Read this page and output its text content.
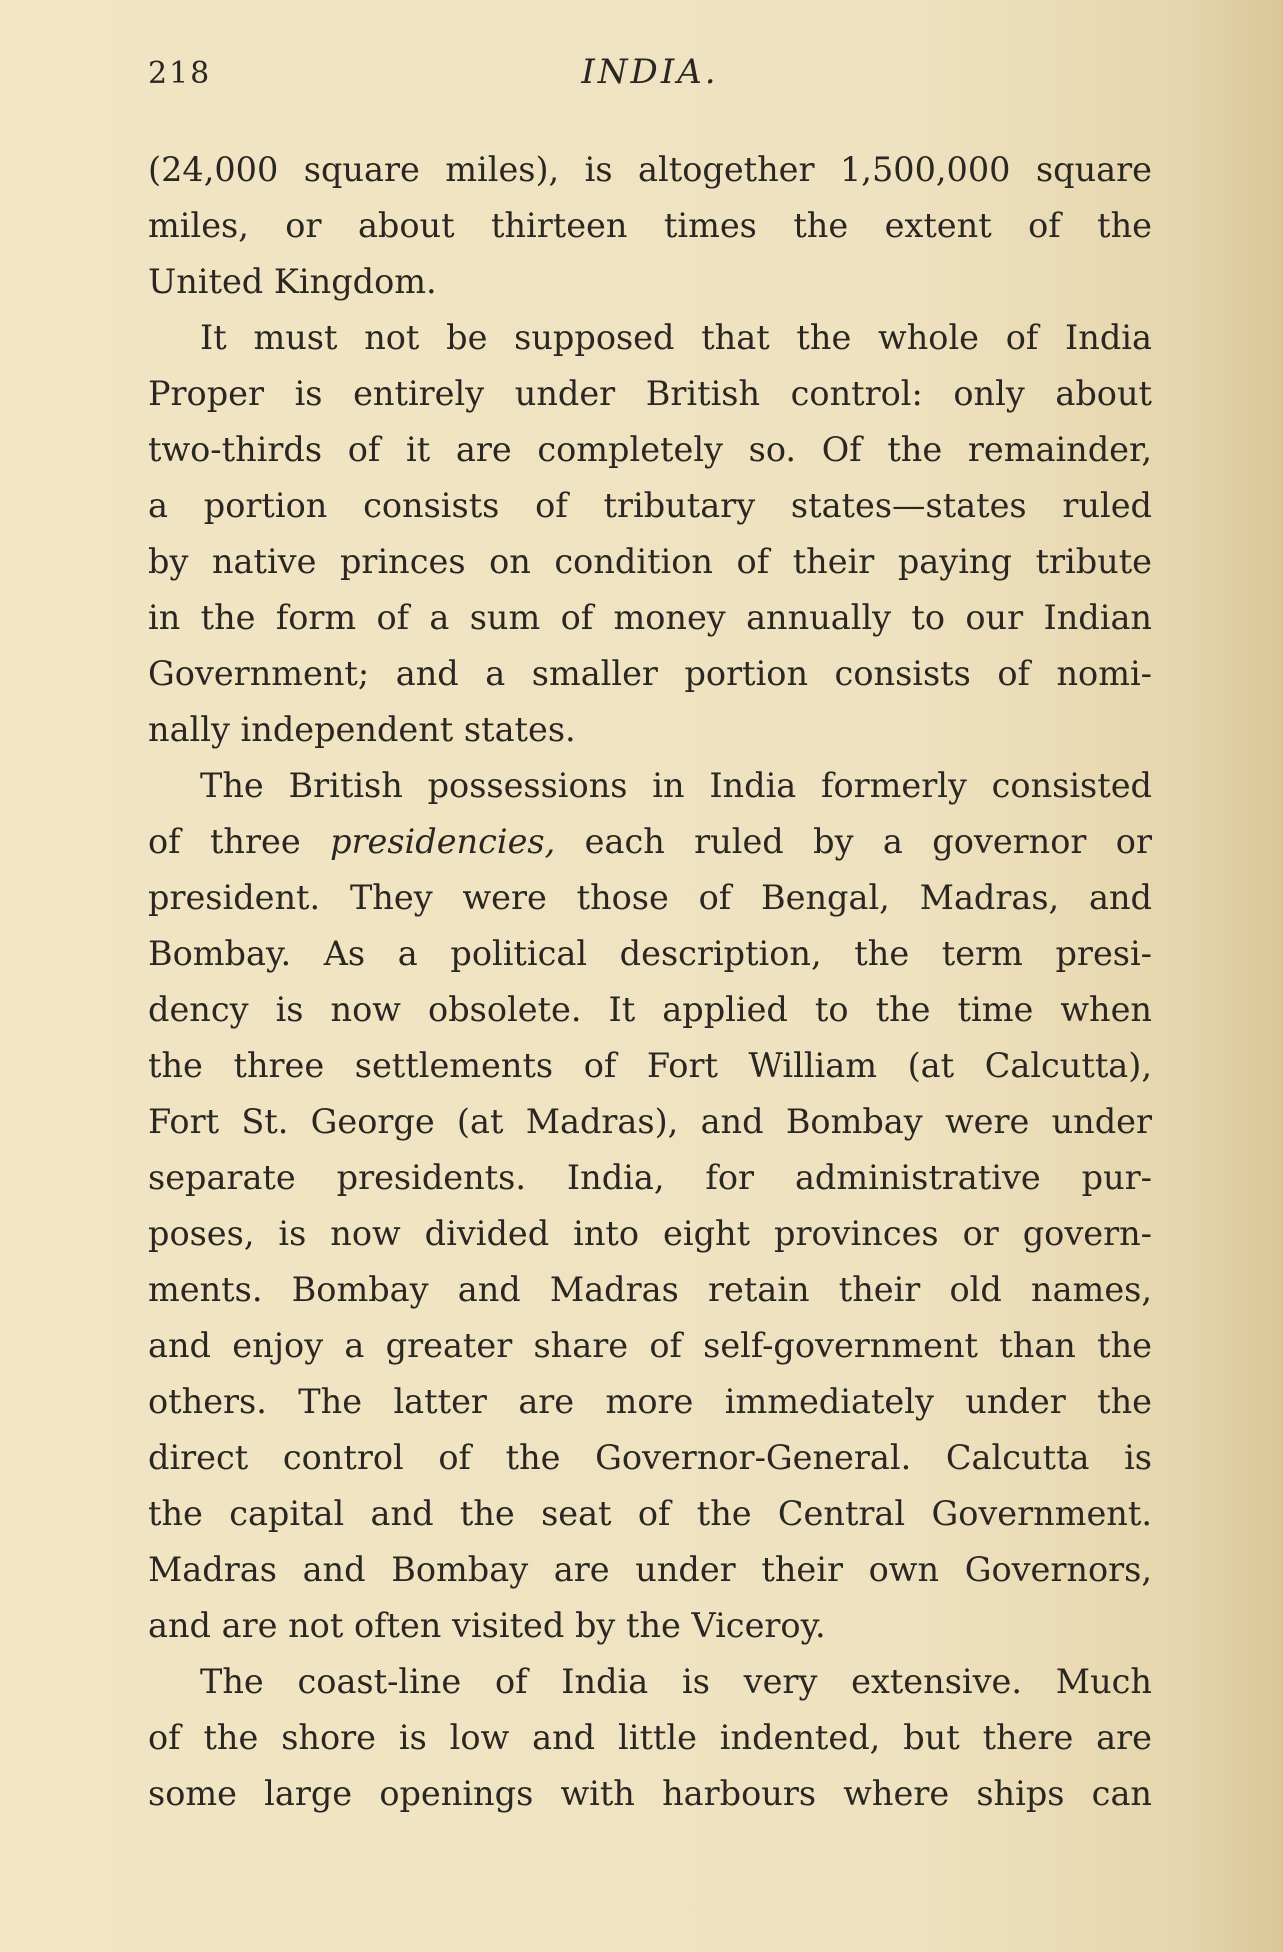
218	INDIA.
(24,000 square miles), is altogether 1,500,000 square
miles, or about thirteen times the extent of the
United Kingdom.
It must not be supposed that the whole of India
Proper is entirely under British control: only about
two-thirds of it are completely so. Of the remainder,
a portion consists of tributary states—states ruled
by native princes on condition of their paying tribute
in the form of a sum of money annually to our Indian
Government; and a smaller portion consists of nomi-
nally independent states.
The British possessions in India formerly consisted
of three presidencies, each ruled by a governor or
president. They were those of Bengal, Madras, and
Bombay. As a political description, the term presi-
dency is now obsolete. It applied to the time when
the three settlements of Fort William (at Calcutta),
Fort St. George (at Madras), and Bombay were under
separate presidents. India, for administrative pur-
poses, is now divided into eight provinces or govern-
ments. Bombay and Madras retain their old names,
and enjoy a greater share of self-government than the
others. The latter are more immediately under the
direct control of the Governor-General. Calcutta is
the capital and the seat of the Central Government.
Madras and Bombay are under their own Governors,
and are not often visited by the Viceroy.
The coast-line of India is very extensive. Much
of the shore is low and little indented, but there are
some large openings with harbours where ships can
